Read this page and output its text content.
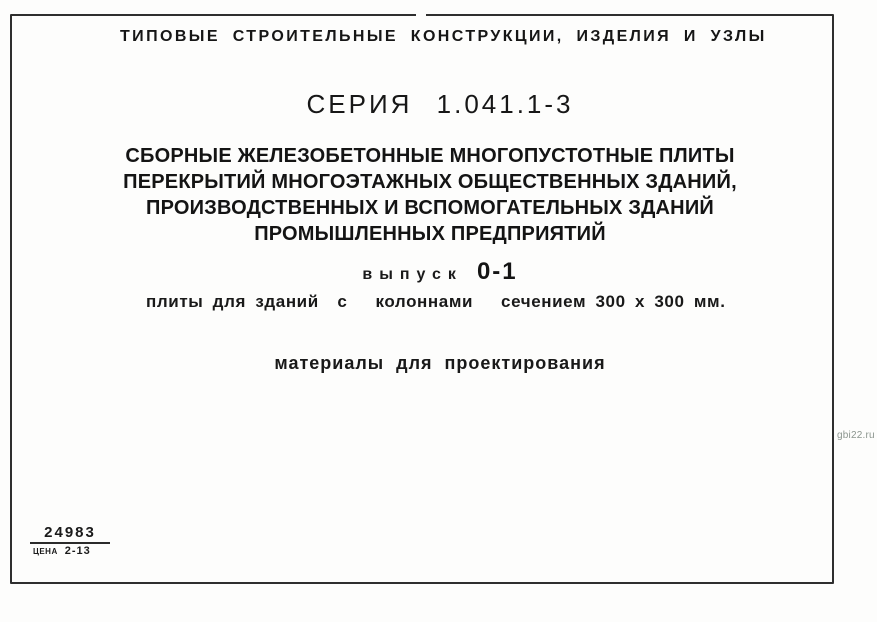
ТИПОВЫЕ СТРОИТЕЛЬНЫЕ КОНСТРУКЦИИ, ИЗДЕЛИЯ И УЗЛЫ
СЕРИЯ 1.041.1-3
СБОРНЫЕ ЖЕЛЕЗОБЕТОННЫЕ МНОГОПУСТОТНЫЕ ПЛИТЫ
ПЕРЕКРЫТИЙ МНОГОЭТАЖНЫХ ОБЩЕСТВЕННЫХ ЗДАНИЙ,
ПРОИЗВОДСТВЕННЫХ И ВСПОМОГАТЕЛЬНЫХ ЗДАНИЙ
ПРОМЫШЛЕННЫХ ПРЕДПРИЯТИЙ
выпуск 0-1
плиты для зданий  с   колоннами   сечением 300 х 300 мм.
материалы для проектирования
24983
ЦЕНА 2-13
gbi22.ru
